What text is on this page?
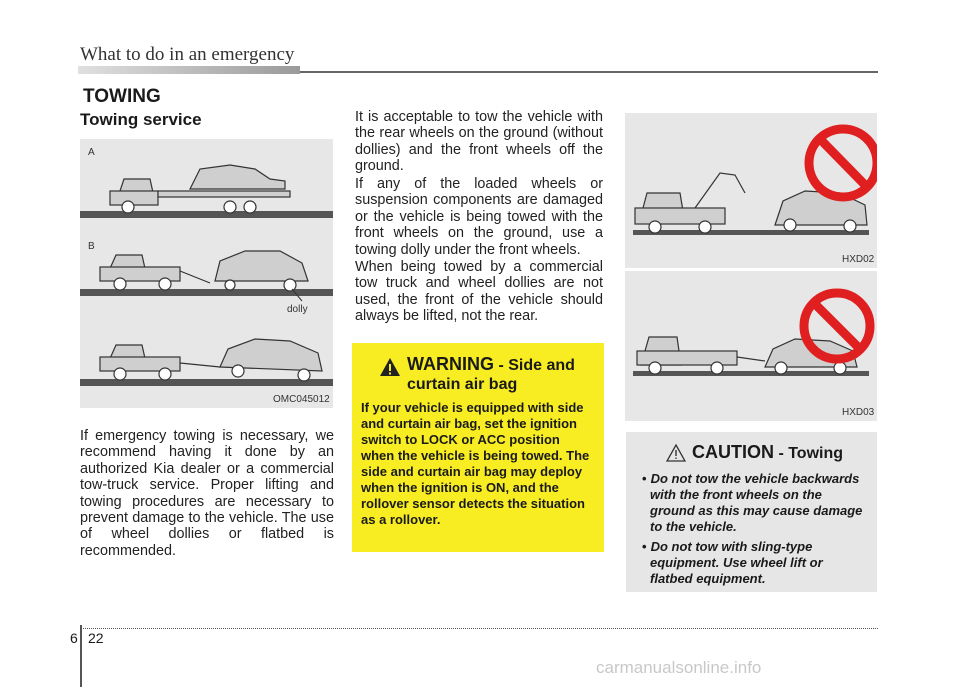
What to do in an emergency
TOWING
Towing service
A
B
dolly
OMC045012
HXD02
HXD03

If emergency towing is necessary, we recommend having it done by an authorized Kia dealer or a commercial tow-truck service. Proper lifting and towing procedures are necessary to prevent damage to the vehicle. The use of wheel dollies or flatbed is recommended.

It is acceptable to tow the vehicle with the rear wheels on the ground (without dollies) and the front wheels off the ground.

If any of the loaded wheels or suspension components are damaged or the vehicle is being towed with the front wheels on the ground, use a towing dolly under the front wheels.

When being towed by a commercial tow truck and wheel dollies are not used, the front of the vehicle should always be lifted, not the rear.

WARNING - Side and curtain air bag
If your vehicle is equipped with side and curtain air bag, set the ignition switch to LOCK or ACC position when the vehicle is being towed. The side and curtain air bag may deploy when the ignition is ON, and the rollover sensor detects the situation as a rollover.
CAUTION - Towing
• Do not tow the vehicle backwards with the front wheels on the ground as this may cause damage to the vehicle.
• Do not tow with sling-type equipment. Use wheel lift or flatbed equipment.
6 22
carmanualsonline.info
